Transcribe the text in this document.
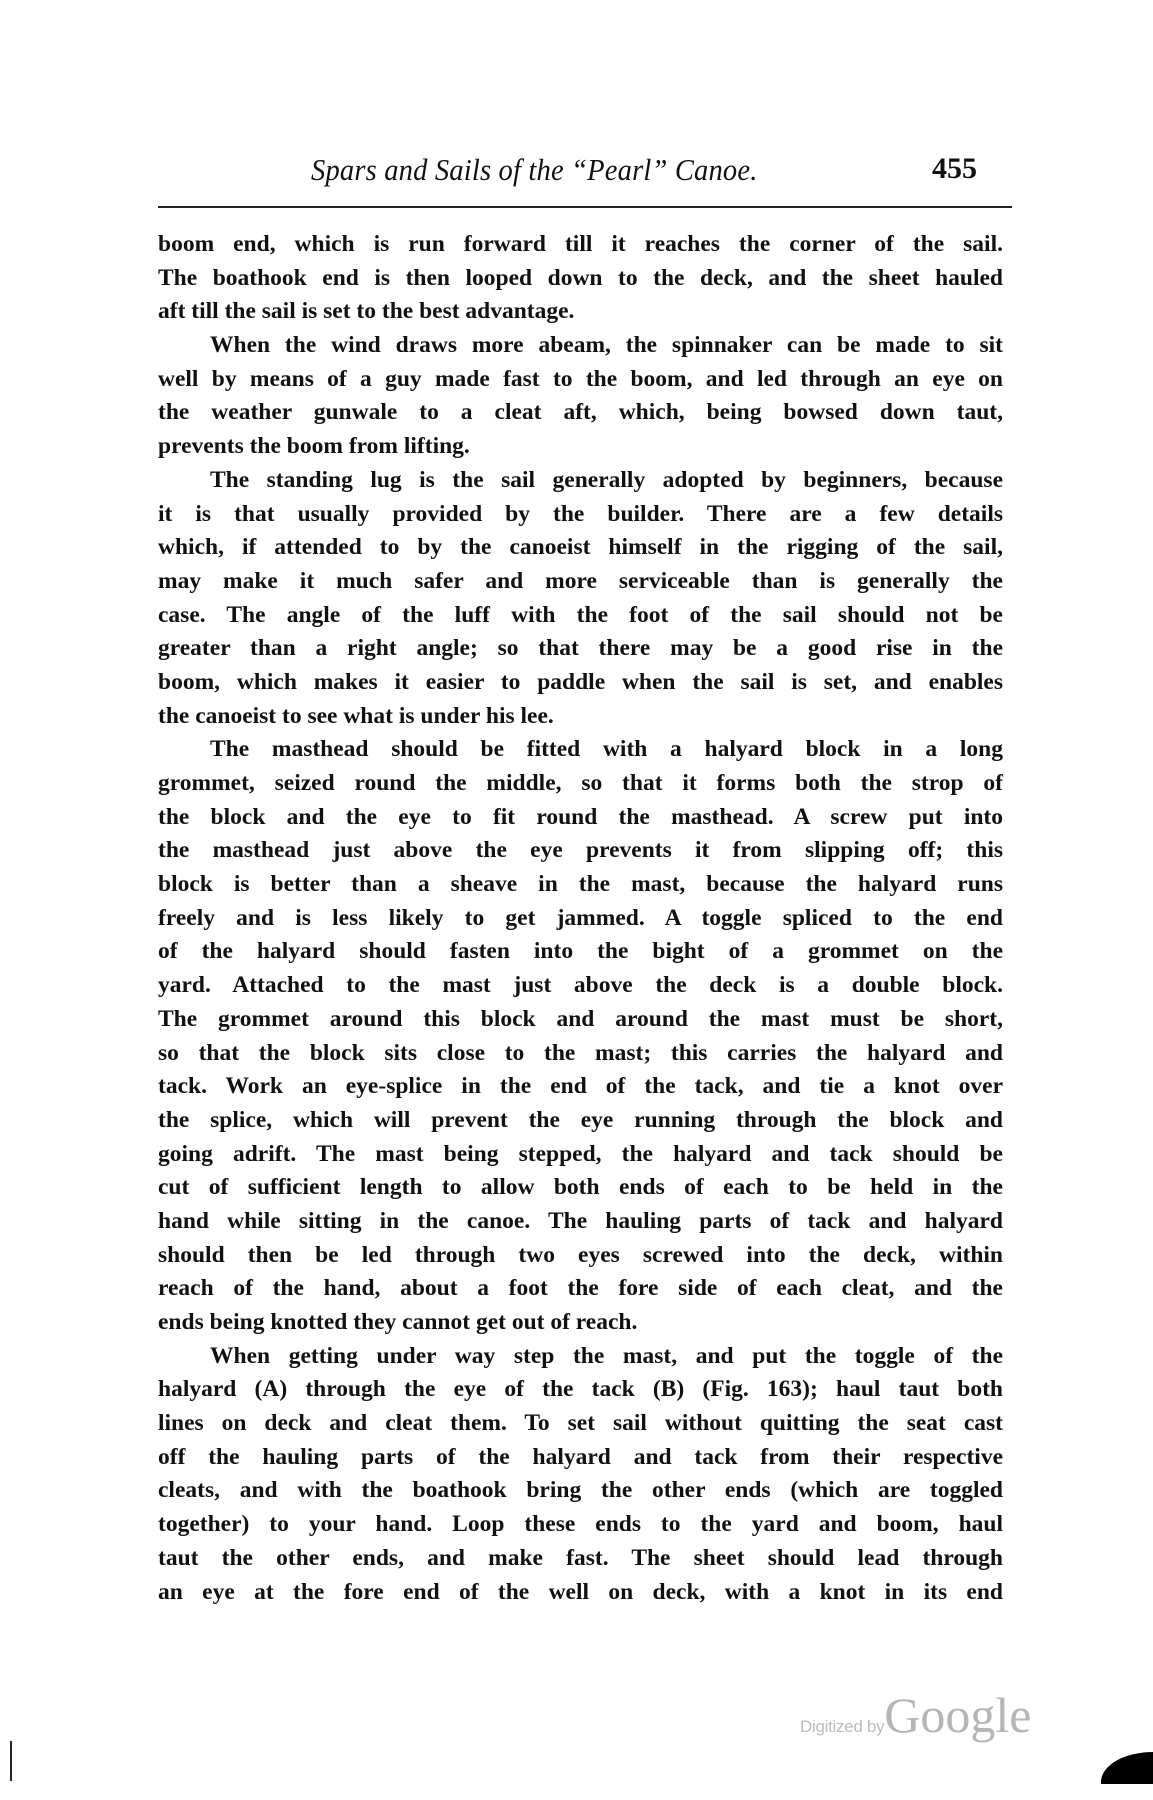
Spars and Sails of the “Pearl” Canoe.	455
boom end, which is run forward till it reaches the corner of the sail.
The boathook end is then looped down to the deck, and the sheet hauled
aft till the sail is set to the best advantage.
When the wind draws more abeam, the spinnaker can be made to sit
well by means of a guy made fast to the boom, and led through an eye on
the weather gunwale to a cleat aft, which, being bowsed down taut,
prevents the boom from lifting.
The standing lug is the sail generally adopted by beginners, because
it is that usually provided by the builder. There are a few details
which, if attended to by the canoeist himself in the rigging of the sail,
may make it much safer and more serviceable than is generally the
case. The angle of the luff with the foot of the sail should not be
greater than a right angle; so that there may be a good rise in the
boom, which makes it easier to paddle when the sail is set, and enables
the canoeist to see what is under his lee.
The masthead should be fitted with a halyard block in a long
grommet, seized round the middle, so that it forms both the strop of
the block and the eye to fit round the masthead. A screw put into
the masthead just above the eye prevents it from slipping off; this
block is better than a sheave in the mast, because the halyard runs
freely and is less likely to get jammed. A toggle spliced to the end
of the halyard should fasten into the bight of a grommet on the
yard. Attached to the mast just above the deck is a double block.
The grommet around this block and around the mast must be short,
so that the block sits close to the mast; this carries the halyard and
tack. Work an eye-splice in the end of the tack, and tie a knot over
the splice, which will prevent the eye running through the block and
going adrift. The mast being stepped, the halyard and tack should be
cut of sufficient length to allow both ends of each to be held in the
hand while sitting in the canoe. The hauling parts of tack and halyard
should then be led through two eyes screwed into the deck, within
reach of the hand, about a foot the fore side of each cleat, and the
ends being knotted they cannot get out of reach.
When getting under way step the mast, and put the toggle of the
halyard (A) through the eye of the tack (B) (Fig. 163); haul taut both
lines on deck and cleat them. To set sail without quitting the seat cast
off the hauling parts of the halyard and tack from their respective
cleats, and with the boathook bring the other ends (which are toggled
together) to your hand. Loop these ends to the yard and boom, haul
taut the other ends, and make fast. The sheet should lead through
an eye at the fore end of the well on deck, with a knot in its end
Digitized byGoogle
